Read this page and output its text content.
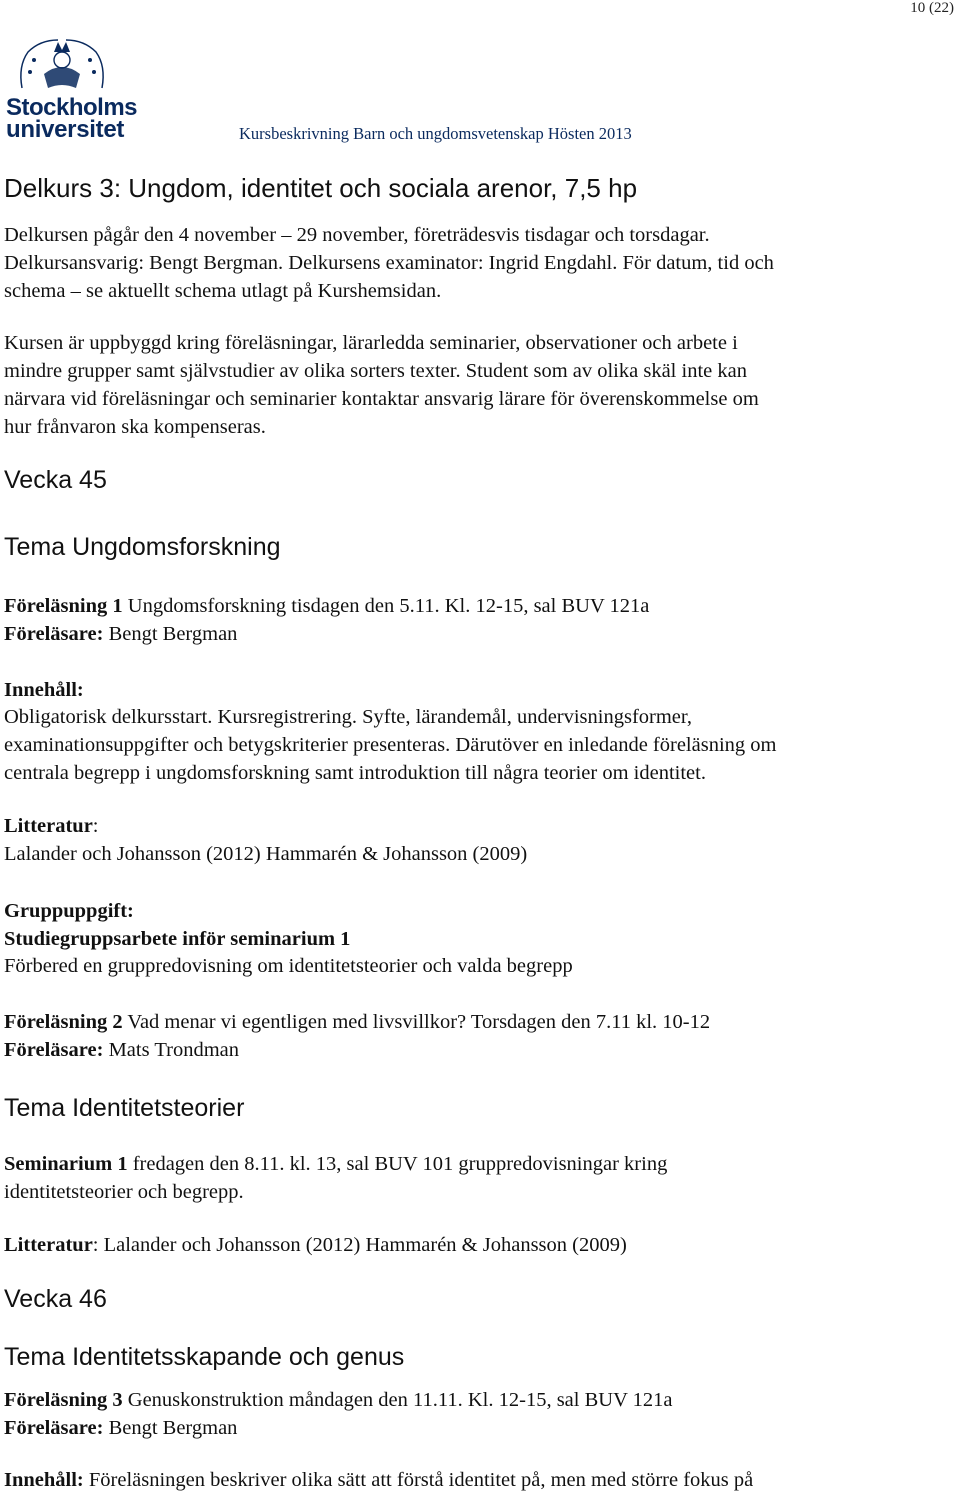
10 (22)
Stockholms
universitet	Kursbeskrivning Barn och ungdomsvetenskap Hösten 2013
Delkurs 3: Ungdom, identitet och sociala arenor, 7,5 hp
Delkursen pågår den 4 november – 29 november, företrädesvis tisdagar och torsdagar.
Delkursansvarig: Bengt Bergman. Delkursens examinator: Ingrid Engdahl. För datum, tid och
schema – se aktuellt schema utlagt på Kurshemsidan.
Kursen är uppbyggd kring föreläsningar, lärarledda seminarier, observationer och arbete i
mindre grupper samt självstudier av olika sorters texter. Student som av olika skäl inte kan
närvara vid föreläsningar och seminarier kontaktar ansvarig lärare för överenskommelse om
hur frånvaron ska kompenseras.
Vecka 45
Tema Ungdomsforskning
Föreläsning 1 Ungdomsforskning tisdagen den 5.11. Kl. 12-15, sal BUV 121a
Föreläsare: Bengt Bergman
Innehåll:
Obligatorisk delkursstart. Kursregistrering. Syfte, lärandemål, undervisningsformer,
examinationsuppgifter och betygskriterier presenteras. Därutöver en inledande föreläsning om
centrala begrepp i ungdomsforskning samt introduktion till några teorier om identitet.
Litteratur:
Lalander och Johansson (2012) Hammarén & Johansson (2009)
Gruppuppgift:
Studiegruppsarbete inför seminarium 1
Förbered en gruppredovisning om identitetsteorier och valda begrepp
Föreläsning 2 Vad menar vi egentligen med livsvillkor? Torsdagen den 7.11 kl. 10-12
Föreläsare: Mats Trondman
Tema Identitetsteorier
Seminarium 1 fredagen den 8.11. kl. 13, sal BUV 101 gruppredovisningar kring
identitetsteorier och begrepp.
Litteratur: Lalander och Johansson (2012) Hammarén & Johansson (2009)
Vecka 46
Tema Identitetsskapande och genus
Föreläsning 3 Genuskonstruktion måndagen den 11.11. Kl. 12-15, sal BUV 121a
Föreläsare: Bengt Bergman
Innehåll: Föreläsningen beskriver olika sätt att förstå identitet på, men med större fokus på
